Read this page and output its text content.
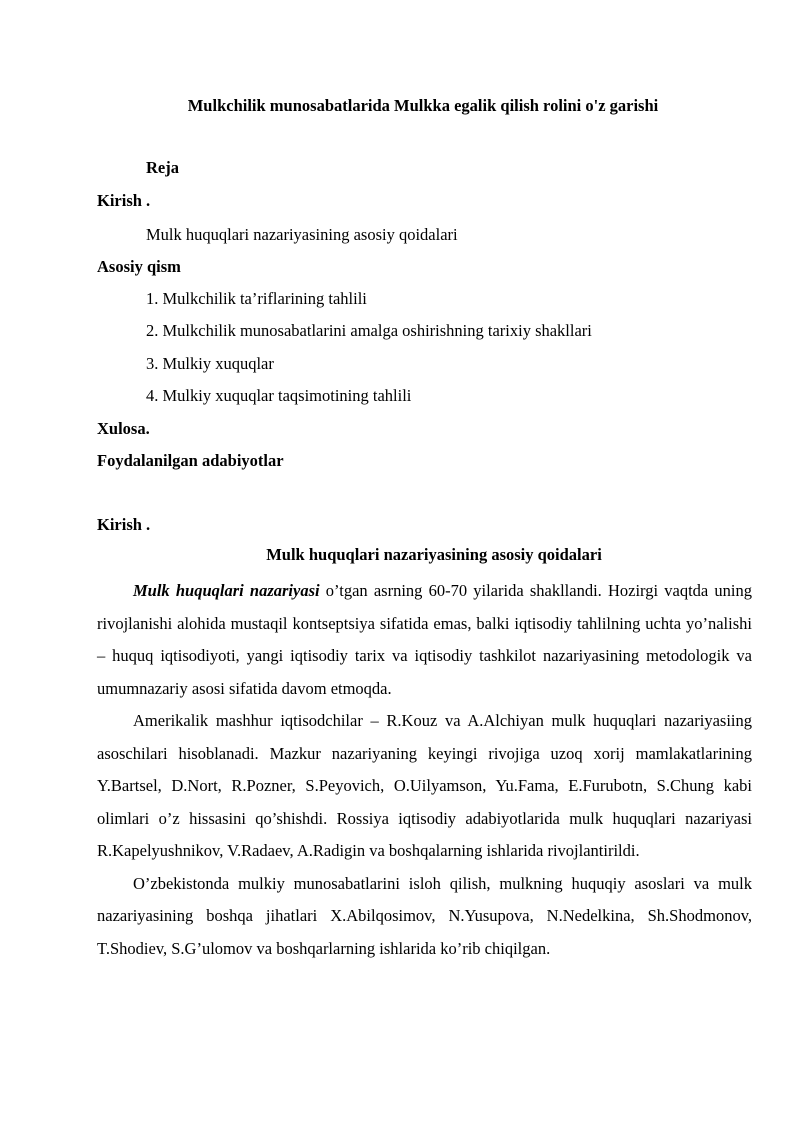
Mulkchilik munosabatlarida Mulkka egalik qilish rolini o'z garishi
Reja
Kirish .
Mulk huquqlari nazariyasining asosiy qoidalari
Asosiy qism
1. Mulkchilik ta’riflarining tahlili
2. Mulkchilik munosabatlarini amalga oshirishning tarixiy shakllari
3. Mulkiy xuquqlar
4. Mulkiy xuquqlar taqsimotining tahlili
Xulosa.
Foydalanilgan adabiyotlar
Kirish .
Mulk huquqlari nazariyasining asosiy qoidalari

Mulk huquqlari nazariyasi o’tgan asrning 60-70 yilarida shakllandi. Hozirgi vaqtda uning rivojlanishi alohida mustaqil kontseptsiya sifatida emas, balki iqtisodiy tahlilning uchta yo’nalishi – huquq iqtisodiyoti, yangi iqtisodiy tarix va iqtisodiy tashkilot nazariyasining metodologik va umumnazariy asosi sifatida davom etmoqda.

Amerikalik mashhur iqtisodchilar – R.Kouz va A.Alchiyan mulk huquqlari nazariyasiing asoschilari hisoblanadi. Mazkur nazariyaning keyingi rivojiga uzoq xorij mamlakatlarining Y.Bartsel, D.Nort, R.Pozner, S.Peyovich, O.Uilyamson, Yu.Fama, E.Furubotn, S.Chung kabi olimlari o’z hissasini qo’shishdi. Rossiya iqtisodiy adabiyotlarida mulk huquqlari nazariyasi R.Kapelyushnikov, V.Radaev, A.Radigin va boshqalarning ishlarida rivojlantirildi.

O’zbekistonda mulkiy munosabatlarini isloh qilish, mulkning huquqiy asoslari va mulk nazariyasining boshqa jihatlari X.Abilqosimov, N.Yusupova, N.Nedelkina, Sh.Shodmonov, T.Shodiev, S.G’ulomov va boshqarlarning ishlarida ko’rib chiqilgan.
